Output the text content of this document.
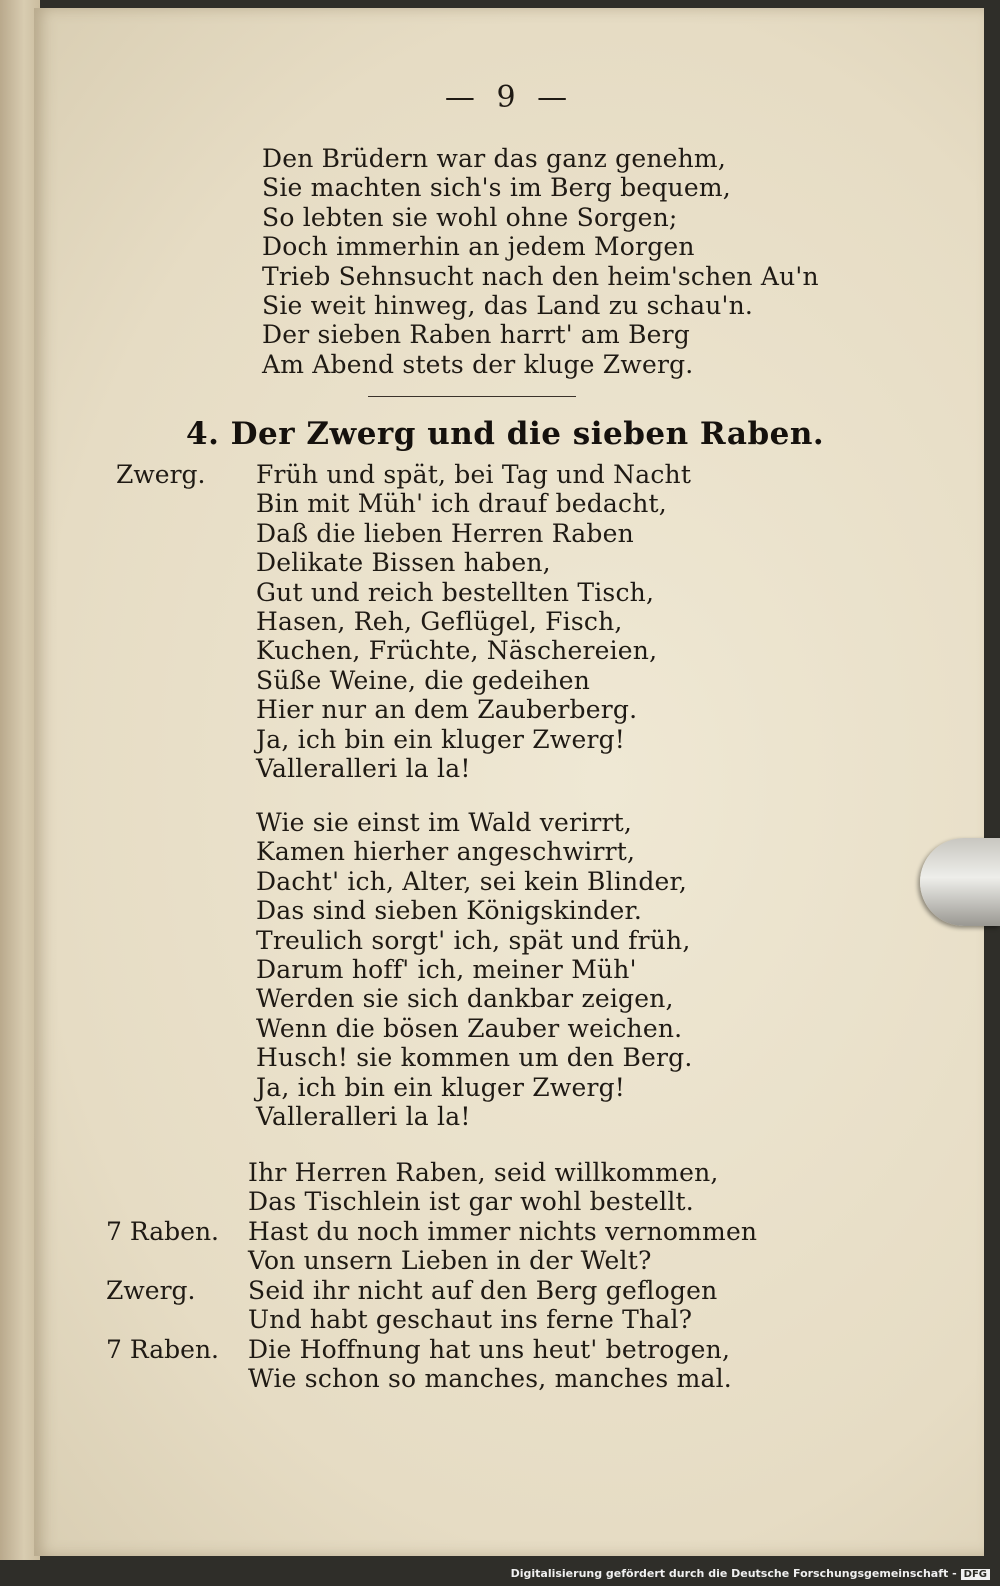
— 9 —
Den Brüdern war das ganz genehm,
Sie machten sich's im Berg bequem,
So lebten sie wohl ohne Sorgen;
Doch immerhin an jedem Morgen
Trieb Sehnsucht nach den heim'schen Au'n
Sie weit hinweg, das Land zu schau'n.
Der sieben Raben harrt' am Berg
Am Abend stets der kluge Zwerg.
4. Der Zwerg und die sieben Raben.
Zwerg. Früh und spät, bei Tag und Nacht
Bin mit Müh' ich drauf bedacht,
Daß die lieben Herren Raben
Delikate Bissen haben,
Gut und reich bestellten Tisch,
Hasen, Reh, Geflügel, Fisch,
Kuchen, Früchte, Näschereien,
Süße Weine, die gedeihen
Hier nur an dem Zauberberg.
Ja, ich bin ein kluger Zwerg!
Valleralleri la la!
Wie sie einst im Wald verirrt,
Kamen hierher angeschwirrt,
Dacht' ich, Alter, sei kein Blinder,
Das sind sieben Königskinder.
Treulich sorgt' ich, spät und früh,
Darum hoff' ich, meiner Müh'
Werden sie sich dankbar zeigen,
Wenn die bösen Zauber weichen.
Husch! sie kommen um den Berg.
Ja, ich bin ein kluger Zwerg!
Valleralleri la la!
Ihr Herren Raben, seid willkommen,
Das Tischlein ist gar wohl bestellt.
7 Raben. Hast du noch immer nichts vernommen
Von unsern Lieben in der Welt?
Zwerg. Seid ihr nicht auf den Berg geflogen
Und habt geschaut ins ferne Thal?
7 Raben. Die Hoffnung hat uns heut' betrogen,
Wie schon so manches, manches mal.
Digitalisierung gefördert durch die Deutsche Forschungsgemeinschaft - DFG
